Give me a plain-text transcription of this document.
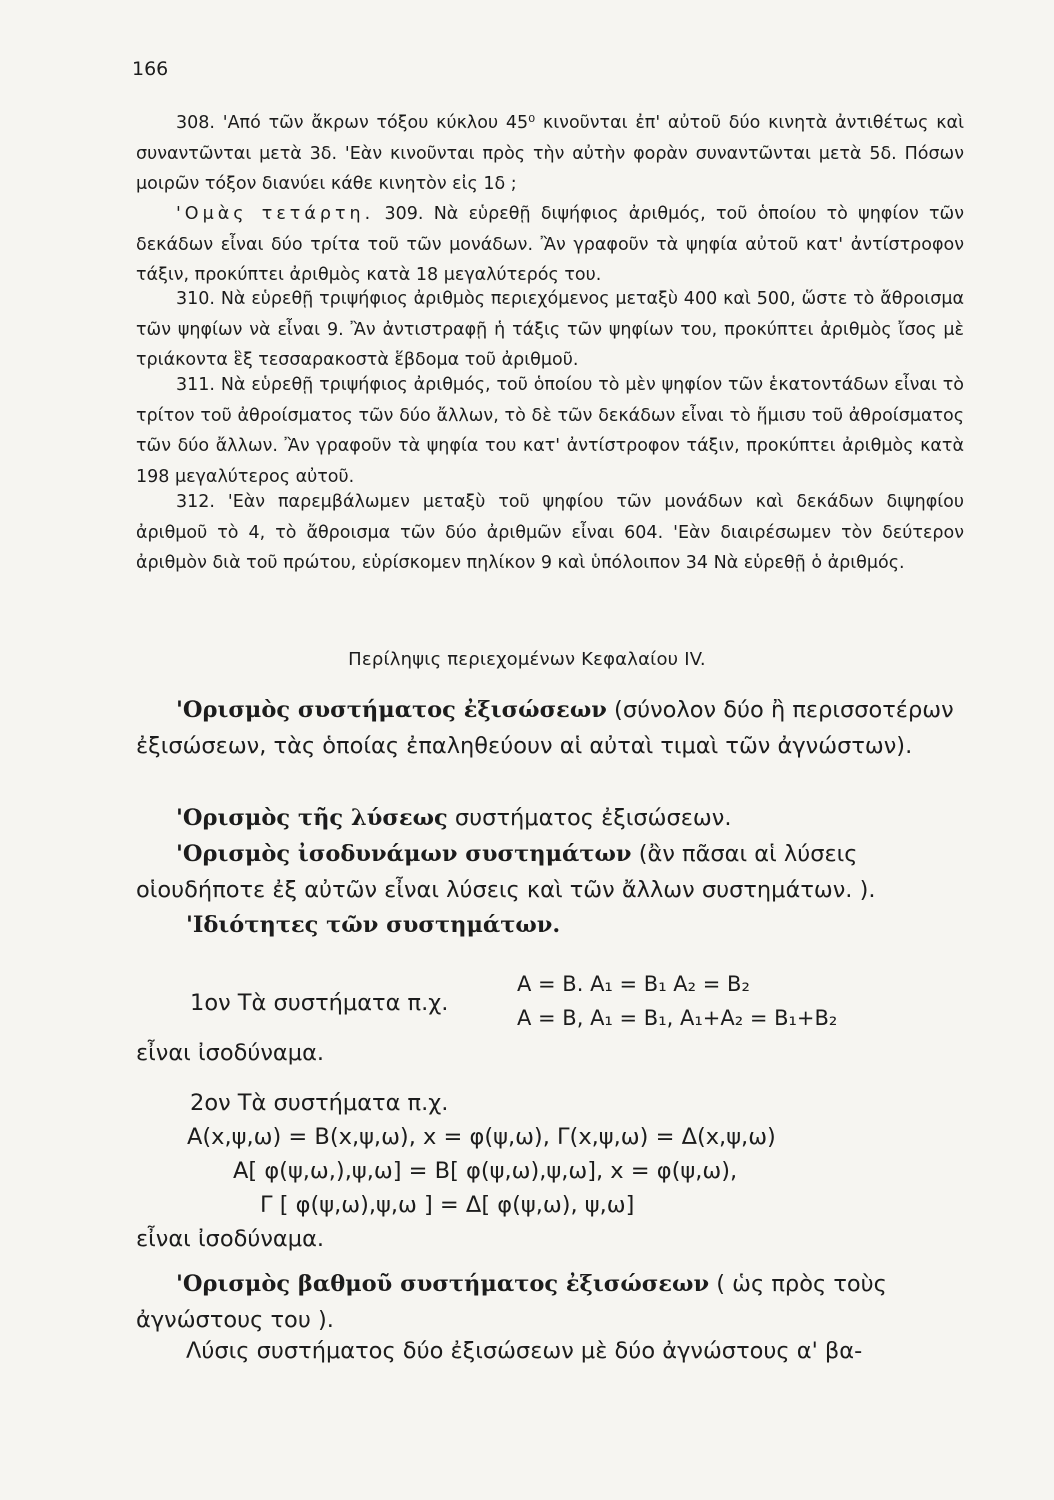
166

308. 'Από τῶν ἄκρων τόξου κύκλου 45⁰ κινοῦνται ἐπ' αὐτοῦ δύο κινητὰ ἀντιθέτως καὶ συναντῶνται μετὰ 3δ. 'Εὰν κινοῦνται πρὸς τὴν αὐτὴν φορὰν συναντῶνται μετὰ 5δ. Πόσων μοιρῶν τόξον διανύει κάθε κινητὸν εἰς 1δ ;

'Ομὰς τετάρτη. 309. Νὰ εὑρεθῇ διψήφιος ἀριθμός, τοῦ ὁποίου τὸ ψηφίον τῶν δεκάδων εἶναι δύο τρίτα τοῦ τῶν μονάδων. Ἂν γραφοῦν τὰ ψηφία αὐτοῦ κατ' ἀντίστροφον τάξιν, προκύπτει ἀριθμὸς κατὰ 18 μεγαλύτερός του.

310. Νὰ εὑρεθῇ τριψήφιος ἀριθμὸς περιεχόμενος μεταξὺ 400 καὶ 500, ὥστε τὸ ἄθροισμα τῶν ψηφίων νὰ εἶναι 9. Ἂν ἀντιστραφῇ ἡ τάξις τῶν ψηφίων του, προκύπτει ἀριθμὸς ἴσος μὲ τριάκοντα ἓξ τεσσαρακοστὰ ἕβδομα τοῦ ἀριθμοῦ.

311. Νὰ εὑρεθῇ τριψήφιος ἀριθμός, τοῦ ὁποίου τὸ μὲν ψηφίον τῶν ἑκατοντάδων εἶναι τὸ τρίτον τοῦ ἀθροίσματος τῶν δύο ἄλλων, τὸ δὲ τῶν δεκάδων εἶναι τὸ ἥμισυ τοῦ ἀθροίσματος τῶν δύο ἄλλων. Ἂν γραφοῦν τὰ ψηφία του κατ' ἀντίστροφον τάξιν, προκύπτει ἀριθμὸς κατὰ 198 μεγαλύτερος αὐτοῦ.

312. 'Εὰν παρεμβάλωμεν μεταξὺ τοῦ ψηφίου τῶν μονάδων καὶ δεκάδων διψηφίου ἀριθμοῦ τὸ 4, τὸ ἄθροισμα τῶν δύο ἀριθμῶν εἶναι 604. 'Εὰν διαιρέσωμεν τὸν δεύτερον ἀριθμὸν διὰ τοῦ πρώτου, εὑρίσκομεν πηλίκον 9 καὶ ὑπόλοιπον 34 Νὰ εὑρεθῇ ὁ ἀριθμός.

Περίληψις περιεχομένων Κεφαλαίου IV.

'Ορισμὸς συστήματος ἐξισώσεων (σύνολον δύο ἢ περισσοτέρων ἐξισώσεων, τὰς ὁποίας ἐπαληθεύουν αἱ αὐταὶ τιμαὶ τῶν ἀγνώστων).

'Ορισμὸς τῆς λύσεως συστήματος ἐξισώσεων.

'Ορισμὸς ἰσοδυνάμων συστημάτων (ἂν πᾶσαι αἱ λύσεις οἱουδήποτε ἐξ αὐτῶν εἶναι λύσεις καὶ τῶν ἄλλων συστημάτων. ).

'Ιδιότητες τῶν συστημάτων.
1ον Τὰ συστήματα π.χ.
A = B. A₁ = B₁ A₂ = B₂
A = B, A₁ = B₁, A₁+A₂ = B₁+B₂
εἶναι ἰσοδύναμα.
2ον Τὰ συστήματα π.χ.
A(x,ψ,ω) = B(x,ψ,ω), x = φ(ψ,ω), Γ(x,ψ,ω) = Δ(x,ψ,ω)
A[ φ(ψ,ω,),ψ,ω] = B[ φ(ψ,ω),ψ,ω], x = φ(ψ,ω),
Γ [ φ(ψ,ω),ψ,ω ] = Δ[ φ(ψ,ω), ψ,ω]
εἶναι ἰσοδύναμα.

'Ορισμὸς βαθμοῦ συστήματος ἐξισώσεων ( ὡς πρὸς τοὺς ἀγνώστους του ).

Λύσις συστήματος δύο ἐξισώσεων μὲ δύο ἀγνώστους α' βα-
